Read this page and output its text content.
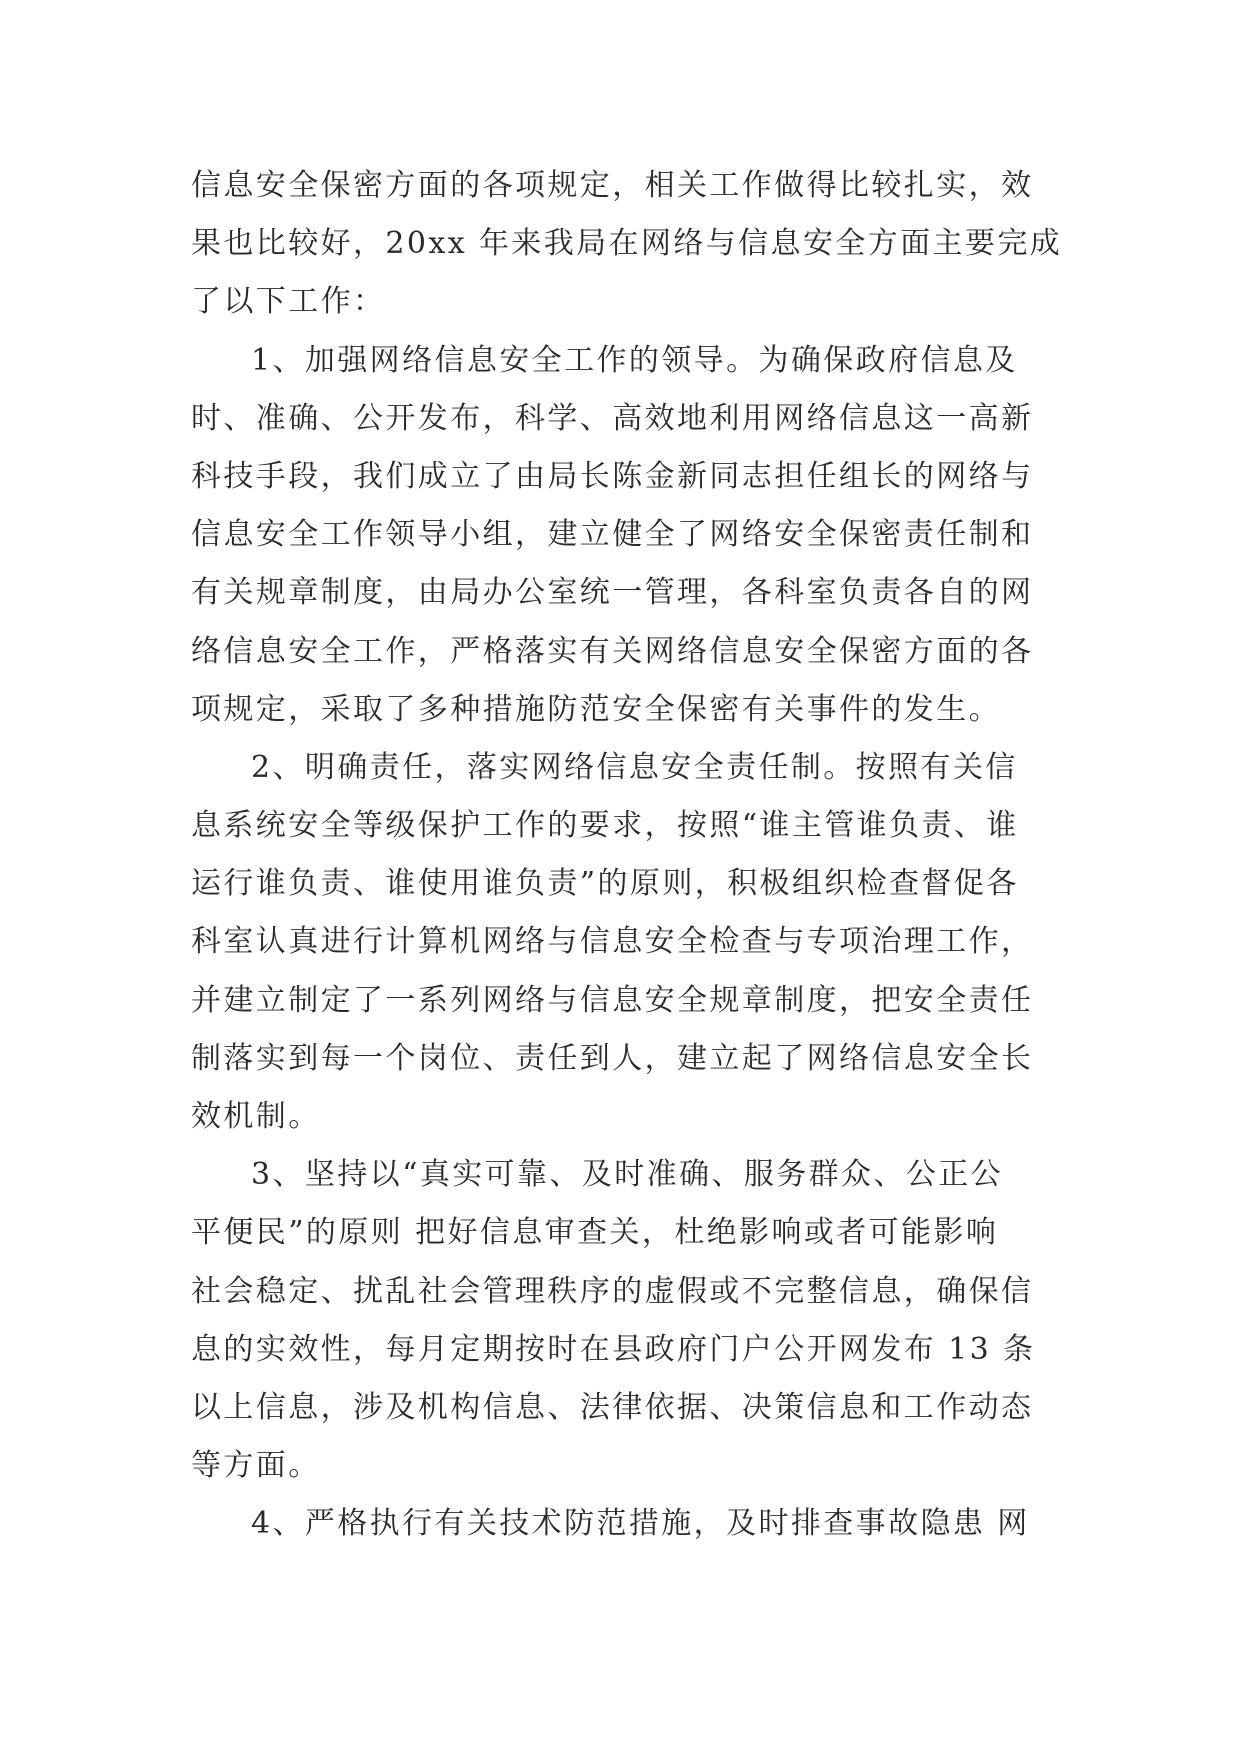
信息安全保密方面的各项规定，相关工作做得比较扎实，效
果也比较好，20xx 年来我局在网络与信息安全方面主要完成
了以下工作：
1、加强网络信息安全工作的领导。为确保政府信息及
时、准确、公开发布，科学、高效地利用网络信息这一高新
科技手段，我们成立了由局长陈金新同志担任组长的网络与
信息安全工作领导小组，建立健全了网络安全保密责任制和
有关规章制度，由局办公室统一管理，各科室负责各自的网
络信息安全工作，严格落实有关网络信息安全保密方面的各
项规定，采取了多种措施防范安全保密有关事件的发生。
2、明确责任，落实网络信息安全责任制。按照有关信
息系统安全等级保护工作的要求，按照“谁主管谁负责、谁
运行谁负责、谁使用谁负责”的原则，积极组织检查督促各
科室认真进行计算机网络与信息安全检查与专项治理工作，
并建立制定了一系列网络与信息安全规章制度，把安全责任
制落实到每一个岗位、责任到人，建立起了网络信息安全长
效机制。
3、坚持以“真实可靠、及时准确、服务群众、公正公
平便民”的原则 把好信息审查关，杜绝影响或者可能影响
社会稳定、扰乱社会管理秩序的虚假或不完整信息，确保信
息的实效性，每月定期按时在县政府门户公开网发布 13 条
以上信息，涉及机构信息、法律依据、决策信息和工作动态
等方面。
4、严格执行有关技术防范措施，及时排查事故隐患 网
